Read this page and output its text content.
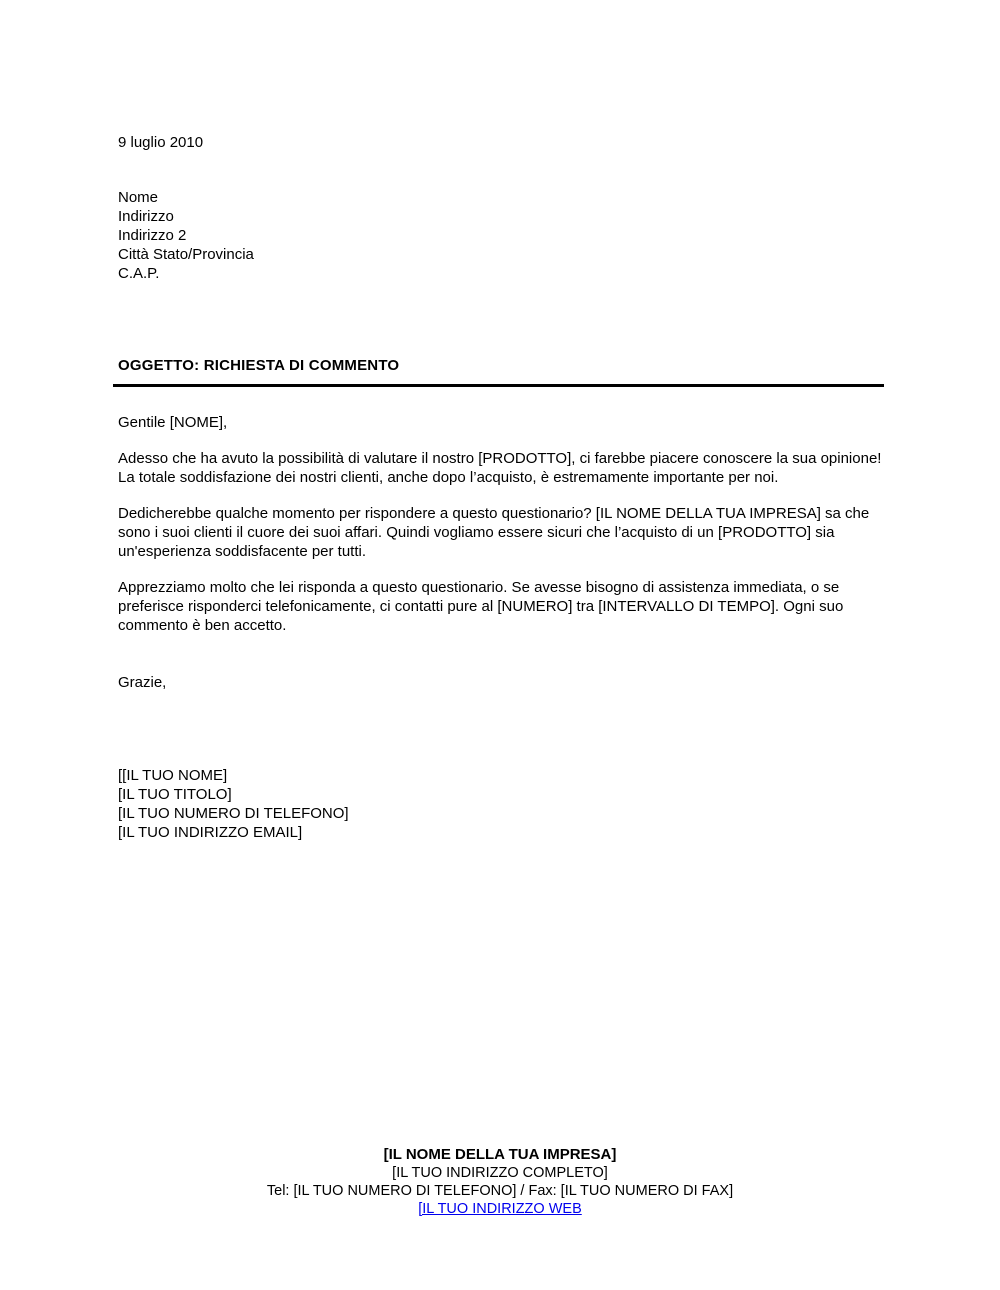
9 luglio 2010

Nome

Indirizzo

Indirizzo 2

Città Stato/Provincia

C.A.P.

OGGETTO: RICHIESTA DI COMMENTO

Gentile [NOME],

Adesso che ha avuto la possibilità di valutare il nostro [PRODOTTO], ci farebbe piacere conoscere la sua opinione! La totale soddisfazione dei nostri clienti, anche dopo l’acquisto, è estremamente importante per noi.

Dedicherebbe qualche momento per rispondere a questo questionario? [IL NOME DELLA TUA IMPRESA] sa che sono i suoi clienti il cuore dei suoi affari. Quindi vogliamo essere sicuri che l’acquisto di un [PRODOTTO] sia un'esperienza soddisfacente per tutti.

Apprezziamo molto che lei risponda a questo questionario. Se avesse bisogno di assistenza immediata, o se preferisce risponderci telefonicamente, ci contatti pure al [NUMERO] tra [INTERVALLO DI TEMPO]. Ogni suo commento è ben accetto.

Grazie,

[[IL TUO NOME]

[IL TUO TITOLO]

[IL TUO NUMERO DI TELEFONO]

[IL TUO INDIRIZZO EMAIL]

[IL NOME DELLA TUA IMPRESA]

[IL TUO INDIRIZZO COMPLETO]

Tel: [IL TUO NUMERO DI TELEFONO] / Fax: [IL TUO NUMERO DI FAX]

[IL TUO INDIRIZZO WEB
